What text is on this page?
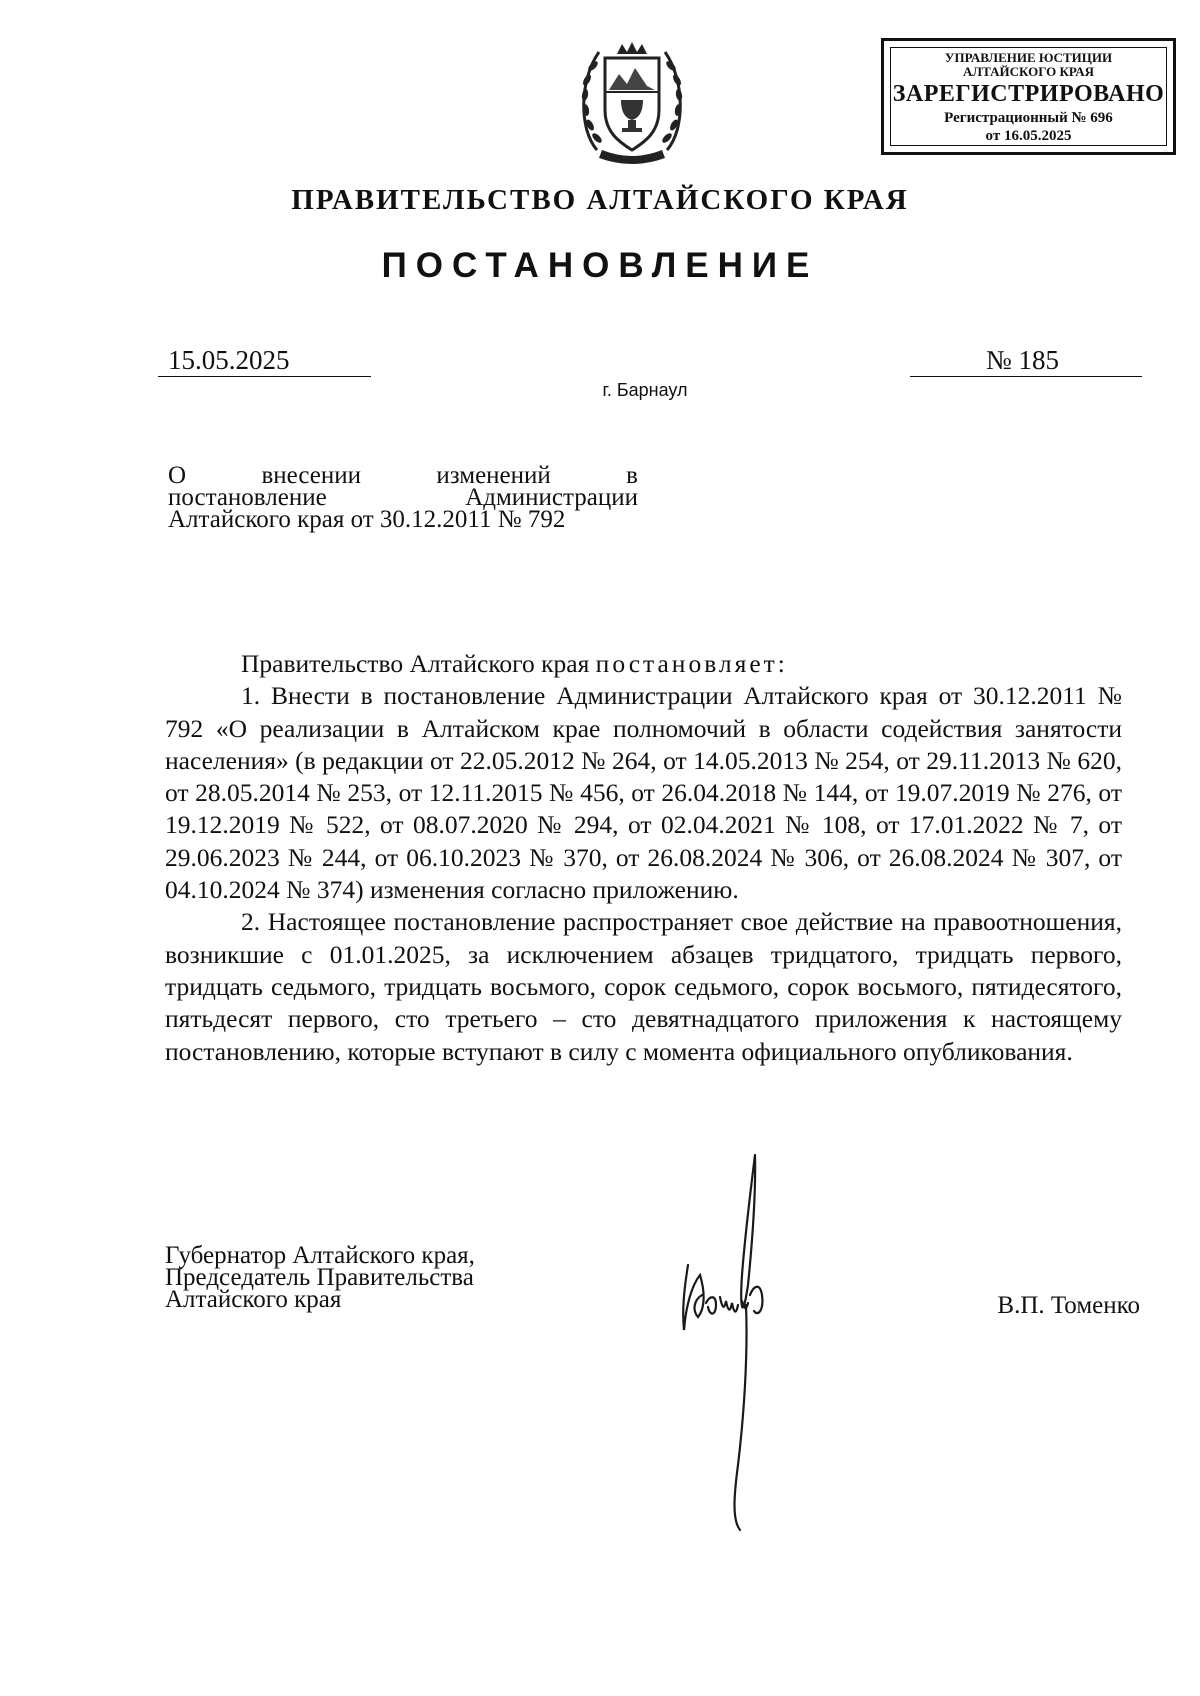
УПРАВЛЕНИЕ ЮСТИЦИИ
АЛТАЙСКОГО КРАЯ
ЗАРЕГИСТРИРОВАНО
Регистрационный № 696
от 16.05.2025
ПРАВИТЕЛЬСТВО АЛТАЙСКОГО КРАЯ
ПОСТАНОВЛЕНИЕ
15.05.2025	№ 185
г. Барнаул
О	внесении	изменений	в
постановление	Администрации
Алтайского края от 30.12.2011 № 792

Правительство Алтайского края постановляет:

1. Внести в постановление Администрации Алтайского края от 30.12.2011 № 792 «О реализации в Алтайском крае полномочий в области содействия занятости населения» (в редакции от 22.05.2012 № 264, от 14.05.2013 № 254, от 29.11.2013 № 620, от 28.05.2014 № 253, от 12.11.2015 № 456, от 26.04.2018 № 144, от 19.07.2019 № 276, от 19.12.2019 № 522, от 08.07.2020 № 294, от 02.04.2021 № 108, от 17.01.2022 № 7, от 29.06.2023 № 244, от 06.10.2023 № 370, от 26.08.2024 № 306, от 26.08.2024 № 307, от 04.10.2024 № 374) изменения согласно приложению.

2. Настоящее постановление распространяет свое действие на правоотношения, возникшие с 01.01.2025, за исключением абзацев тридцатого, тридцать первого, тридцать седьмого, тридцать восьмого, сорок седьмого, сорок восьмого, пятидесятого, пятьдесят первого, сто третьего – сто девятнадцатого приложения к настоящему постановлению, которые вступают в силу с момента официального опубликования.

Губернатор Алтайского края,
Председатель Правительства
Алтайского края	В.П. Томенко
